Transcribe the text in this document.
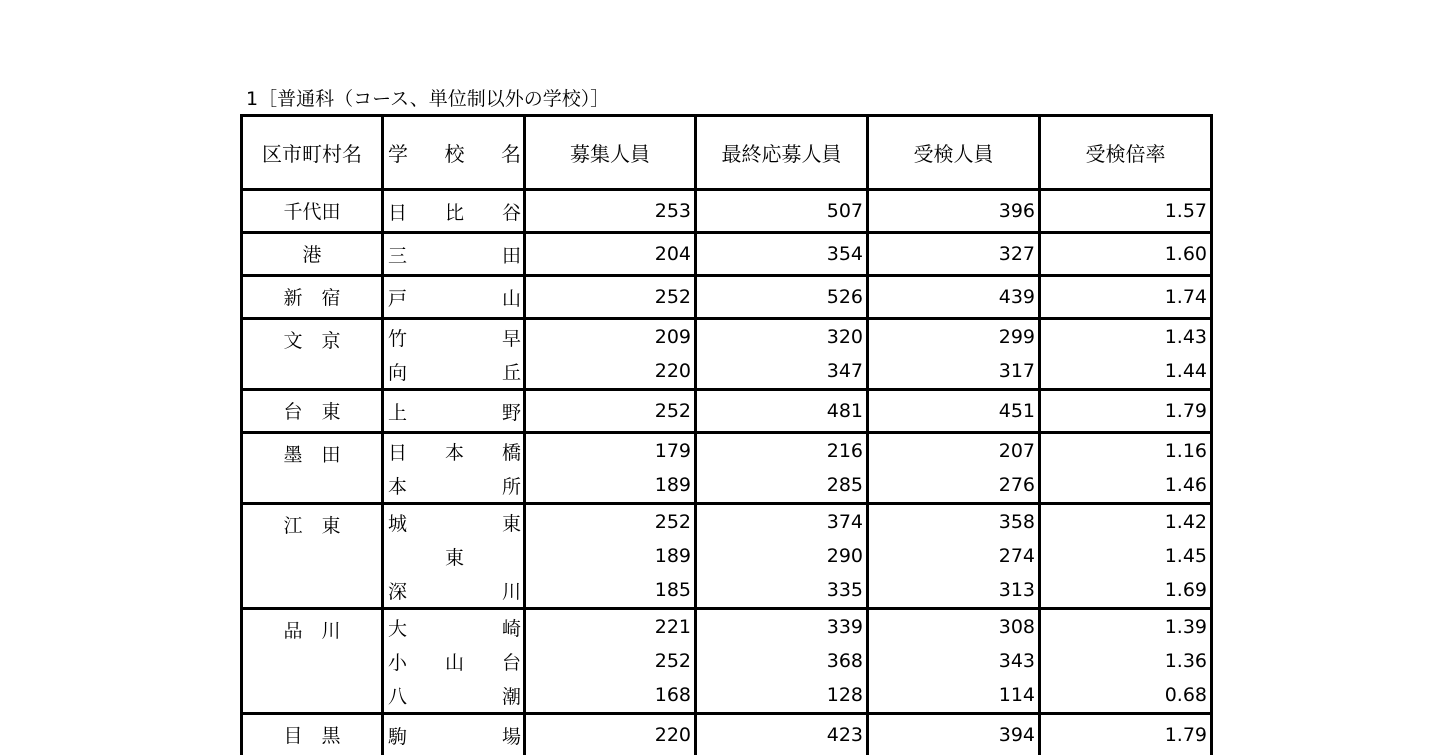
1［普通科（コース、単位制以外の学校）］
区市町村名	学 校 名	募集人員	最終応募人員	受検人員	受検倍率
千代田	日 比 谷	253	507	396	1.57
港	三 田	204	354	327	1.60
新　宿	戸 山	252	526	439	1.74
文　京	竹 早	209	320	299	1.43

	向 丘	220	347	317	1.44
台　東	上 野	252	481	451	1.79
墨　田	日 本 橋	179	216	207	1.16

	本 所	189	285	276	1.46
江　東	城 東	252	374	358	1.42

	東	189	290	274	1.45

	深 川	185	335	313	1.69
品　川	大 崎	221	339	308	1.39

	小 山 台	252	368	343	1.36

	八 潮	168	128	114	0.68
目　黒	駒 場	220	423	394	1.79
